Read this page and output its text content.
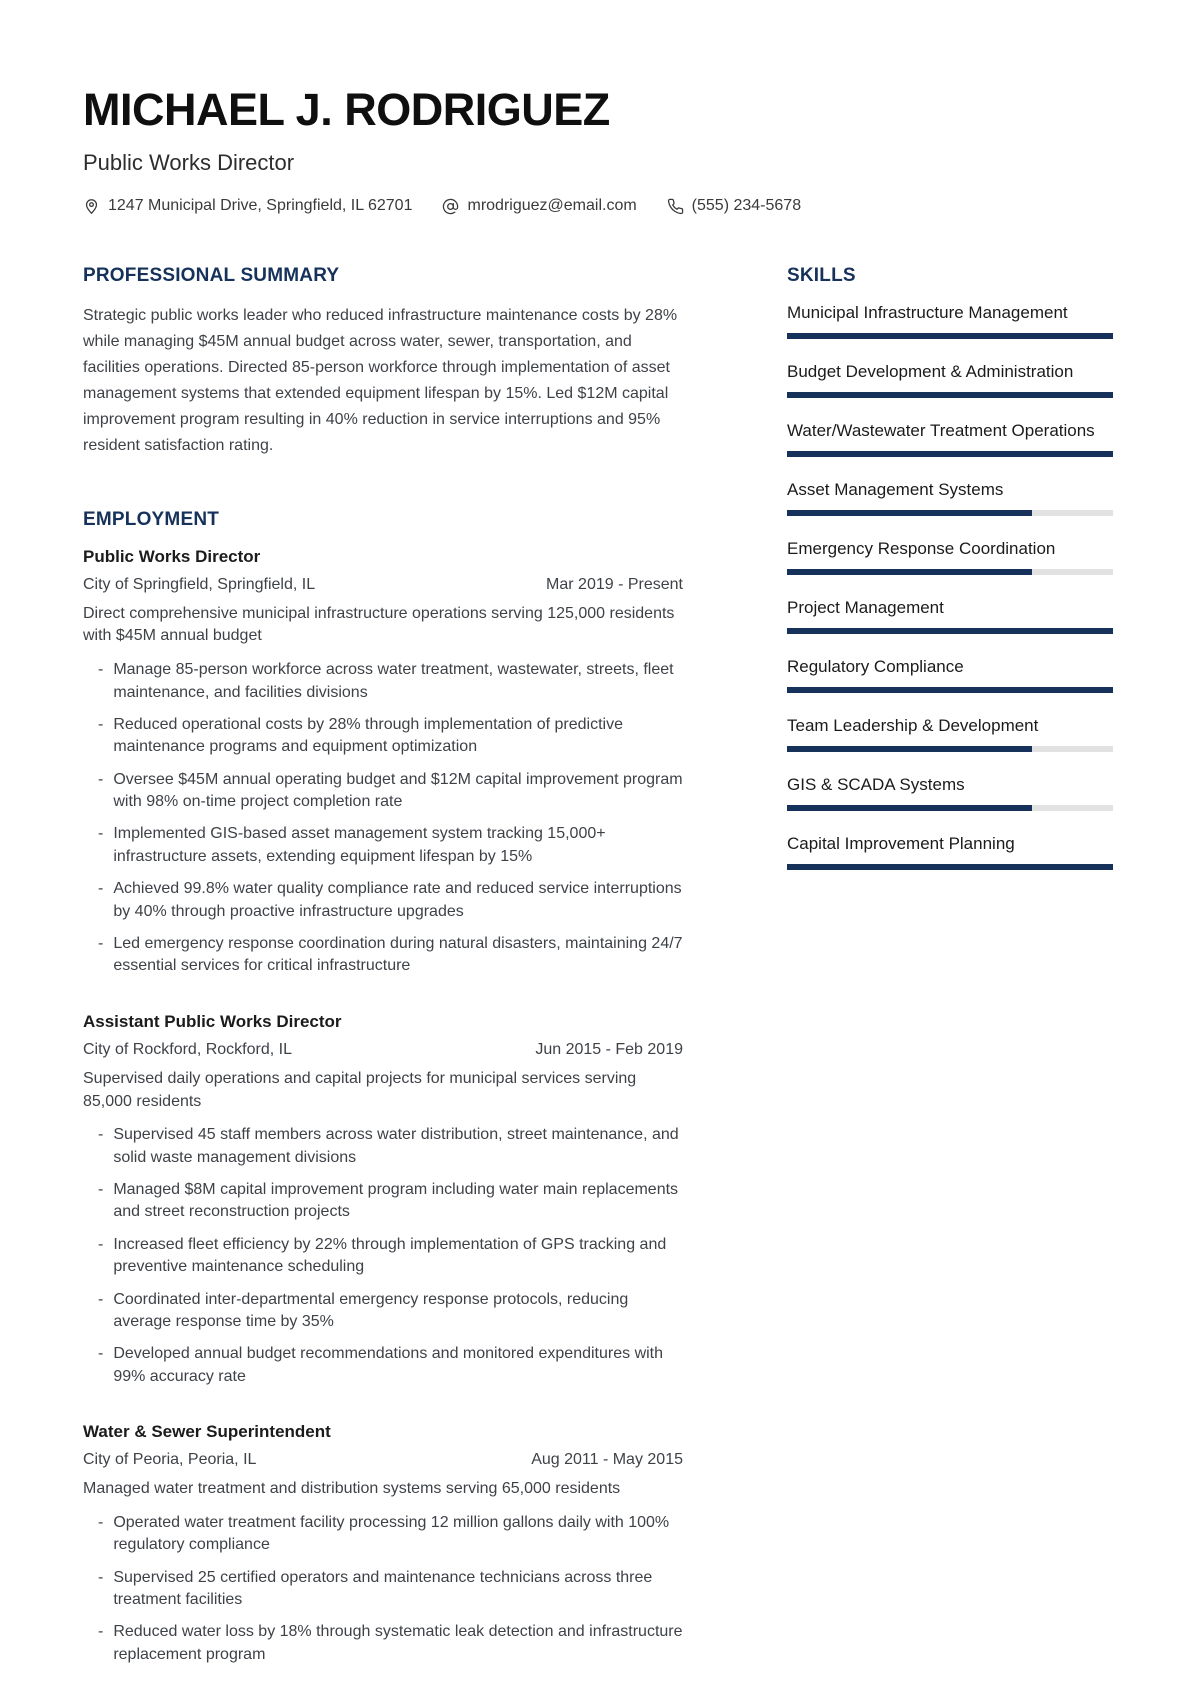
MICHAEL J. RODRIGUEZ
Public Works Director
1247 Municipal Drive, Springfield, IL 62701	mrodriguez@email.com	(555) 234-5678
PROFESSIONAL SUMMARY

Strategic public works leader who reduced infrastructure maintenance costs by 28% while managing $45M annual budget across water, sewer, transportation, and facilities operations. Directed 85-person workforce through implementation of asset management systems that extended equipment lifespan by 15%. Led $12M capital improvement program resulting in 40% reduction in service interruptions and 95% resident satisfaction rating.

EMPLOYMENT
Public Works Director
City of Springfield, Springfield, IL	Mar 2019 - Present
Direct comprehensive municipal infrastructure operations serving 125,000 residents with $45M annual budget
- Manage 85-person workforce across water treatment, wastewater, streets, fleet maintenance, and facilities divisions
- Reduced operational costs by 28% through implementation of predictive maintenance programs and equipment optimization
- Oversee $45M annual operating budget and $12M capital improvement program with 98% on-time project completion rate
- Implemented GIS-based asset management system tracking 15,000+ infrastructure assets, extending equipment lifespan by 15%
- Achieved 99.8% water quality compliance rate and reduced service interruptions by 40% through proactive infrastructure upgrades
- Led emergency response coordination during natural disasters, maintaining 24/7 essential services for critical infrastructure
Assistant Public Works Director
City of Rockford, Rockford, IL	Jun 2015 - Feb 2019
Supervised daily operations and capital projects for municipal services serving 85,000 residents
- Supervised 45 staff members across water distribution, street maintenance, and solid waste management divisions
- Managed $8M capital improvement program including water main replacements and street reconstruction projects
- Increased fleet efficiency by 22% through implementation of GPS tracking and preventive maintenance scheduling
- Coordinated inter-departmental emergency response protocols, reducing average response time by 35%
- Developed annual budget recommendations and monitored expenditures with 99% accuracy rate
Water & Sewer Superintendent
City of Peoria, Peoria, IL	Aug 2011 - May 2015
Managed water treatment and distribution systems serving 65,000 residents
- Operated water treatment facility processing 12 million gallons daily with 100% regulatory compliance
- Supervised 25 certified operators and maintenance technicians across three treatment facilities
- Reduced water loss by 18% through systematic leak detection and infrastructure replacement program
SKILLS
Municipal Infrastructure Management
Budget Development & Administration
Water/Wastewater Treatment Operations
Asset Management Systems
Emergency Response Coordination
Project Management
Regulatory Compliance
Team Leadership & Development
GIS & SCADA Systems
Capital Improvement Planning
